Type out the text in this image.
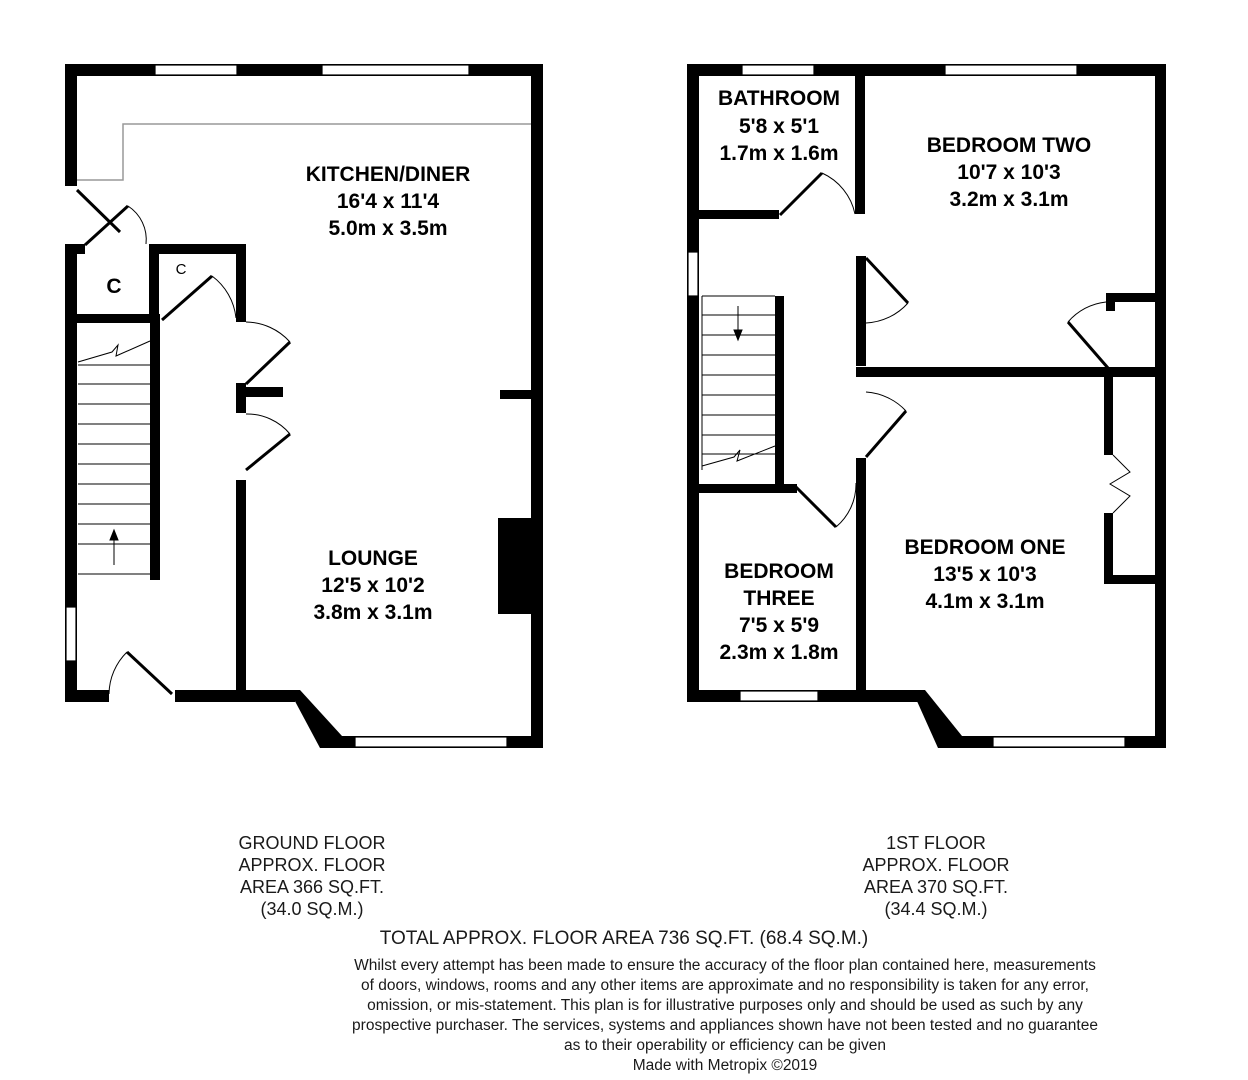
C
C
KITCHEN/DINER
16'4 x 11'4
5.0m x 3.5m
LOUNGE
12'5 x 10'2
3.8m x 3.1m
BATHROOM
5'8 x 5'1
1.7m x 1.6m	BEDROOM TWO
10'7 x 10'3
3.2m x 3.1m
BEDROOM ONE
13'5 x 10'3
4.1m x 3.1m
BEDROOM
THREE
7'5 x 5'9
2.3m x 1.8m
GROUND FLOOR
APPROX. FLOOR
AREA 366 SQ.FT.
(34.0 SQ.M.)
1ST FLOOR
APPROX. FLOOR
AREA 370 SQ.FT.
(34.4 SQ.M.)
TOTAL APPROX. FLOOR AREA 736 SQ.FT. (68.4 SQ.M.)
Whilst every attempt has been made to ensure the accuracy of the floor plan contained here, measurements
of doors, windows, rooms and any other items are approximate and no responsibility is taken for any error,
omission, or mis-statement. This plan is for illustrative purposes only and should be used as such by any
prospective purchaser. The services, systems and appliances shown have not been tested and no guarantee
as to their operability or efficiency can be given
Made with Metropix ©2019
